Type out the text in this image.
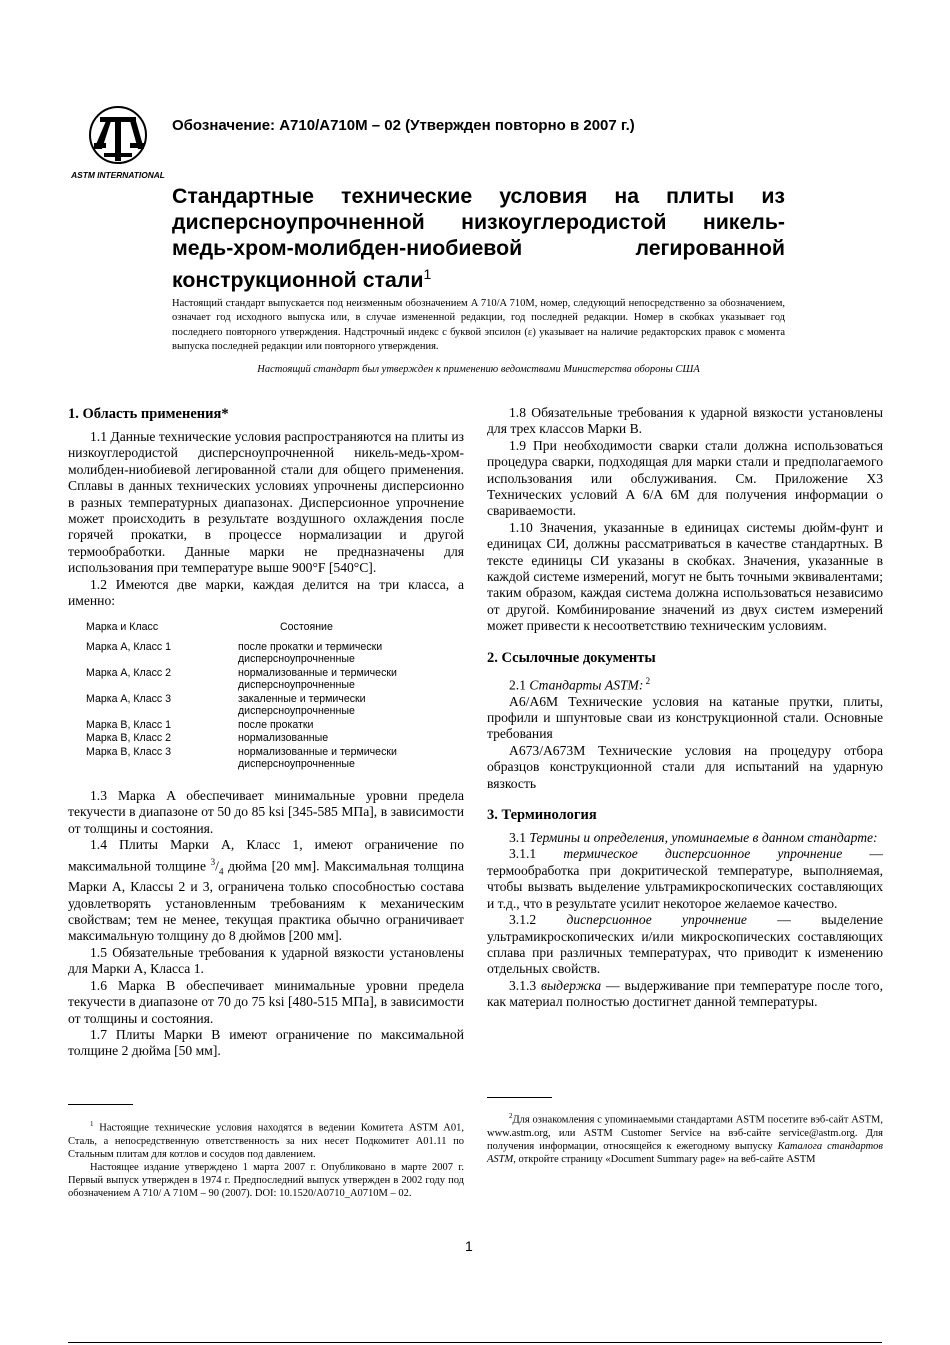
ASTM INTERNATIONAL
Обозначение: A710/A710M – 02 (Утвержден повторно в 2007 г.)
Стандартные технические условия на плиты из
дисперсноупрочненной низкоуглеродистой никель-
медь-хром-молибден-ниобиевой легированной
конструкционной стали$^1$
Настоящий стандарт выпускается под неизменным обозначением A 710/A 710M, номер, следующий непосредственно за обозначением, означает год исходного выпуска или, в случае измененной редакции, год последней редакции. Номер в скобках указывает год последнего повторного утверждения. Надстрочный индекс с буквой эпсилон (ε) указывает на наличие редакторских правок с момента выпуска последней редакции или повторного утверждения.
Настоящий стандарт был утвержден к применению ведомствами Министерства обороны США
1. Область применения*

1.1 Данные технические условия распространяются на плиты из низкоуглеродистой дисперсноупрочненной никель-медь-хром-молибден-ниобиевой легированной стали для общего применения. Сплавы в данных технических условиях упрочнены дисперсионно в разных температурных диапазонах. Дисперсионное упрочнение может происходить в результате воздушного охлаждения после горячей прокатки, в процессе нормализации и другой термообработки. Данные марки не предназначены для использования при температуре выше 900°F [540°C].

1.2 Имеются две марки, каждая делится на три класса, а именно:

Марка и Класс	Состояние
Марка A, Класс 1	после прокатки и термически дисперсноупрочненные
Марка A, Класс 2	нормализованные и термически дисперсноупрочненные
Марка A, Класс 3	закаленные и термически дисперсноупрочненные
Марка B, Класс 1	после прокатки
Марка B, Класс 2	нормализованные
Марка B, Класс 3	нормализованные и термически дисперсноупрочненные

1.3 Марка A обеспечивает минимальные уровни предела текучести в диапазоне от 50 до 85 ksi [345-585 МПа], в зависимости от толщины и состояния.

1.4 Плиты Марки A, Класс 1, имеют ограничение по максимальной толщине $^3/_4$ дюйма [20 мм]. Максимальная толщина Марки A, Классы 2 и 3, ограничена только способностью состава удовлетворять установленным требованиям к механическим свойствам; тем не менее, текущая практика обычно ограничивает максимальную толщину до 8 дюймов [200 мм].

1.5 Обязательные требования к ударной вязкости установлены для Марки A, Класса 1.

1.6 Марка B обеспечивает минимальные уровни предела текучести в диапазоне от 70 до 75 ksi [480-515 МПа], в зависимости от толщины и состояния.

1.7 Плиты Марки B имеют ограничение по максимальной толщине 2 дюйма [50 мм].

1.8 Обязательные требования к ударной вязкости установлены для трех классов Марки B.

1.9 При необходимости сварки стали должна использоваться процедура сварки, подходящая для марки стали и предполагаемого использования или обслуживания. См. Приложение X3 Технических условий A 6/A 6M для получения информации о свариваемости.

1.10 Значения, указанные в единицах системы дюйм-фунт и единицах СИ, должны рассматриваться в качестве стандартных. В тексте единицы СИ указаны в скобках. Значения, указанные в каждой системе измерений, могут не быть точными эквивалентами; таким образом, каждая система должна использоваться независимо от другой. Комбинирование значений из двух систем измерений может привести к несоответствию техническим условиям.

2. Ссылочные документы

2.1 Стандарты ASTM: $^2$

A6/A6M Технические условия на катаные прутки, плиты, профили и шпунтовые сваи из конструкционной стали. Основные требования

A673/A673M Технические условия на процедуру отбора образцов конструкционной стали для испытаний на ударную вязкость

3. Терминология

3.1 Термины и определения, упоминаемые в данном стандарте:

3.1.1 термическое дисперсионное упрочнение — термообработка при докритической температуре, выполняемая, чтобы вызвать выделение ультрамикроскопических составляющих и т.д., что в результате усилит некоторое желаемое качество.

3.1.2 дисперсионное упрочнение — выделение ультрамикроскопических и/или микроскопических составляющих сплава при различных температурах, что приводит к изменению отдельных свойств.

3.1.3 выдержка — выдерживание при температуре после того, как материал полностью достигнет данной температуры.

$^1$ Настоящие технические условия находятся в ведении Комитета ASTM A01, Сталь, а непосредственную ответственность за них несет Подкомитет A01.11 по Стальным плитам для котлов и сосудов под давлением.

Настоящее издание утверждено 1 марта 2007 г. Опубликовано в марте 2007 г. Первый выпуск утвержден в 1974 г. Предпоследний выпуск утвержден в 2002 году под обозначением A 710/ A 710M – 90 (2007). DOI: 10.1520/A0710_A0710M – 02.

$^2$Для ознакомления с упоминаемыми стандартами ASTM посетите вэб-сайт ASTM, www.astm.org, или ASTM Customer Service на вэб-сайте service@astm.org. Для получения информации, относящейся к ежегодному выпуску Каталога стандартов ASTM, откройте страницу «Document Summary page» на веб-сайте ASTM

1
